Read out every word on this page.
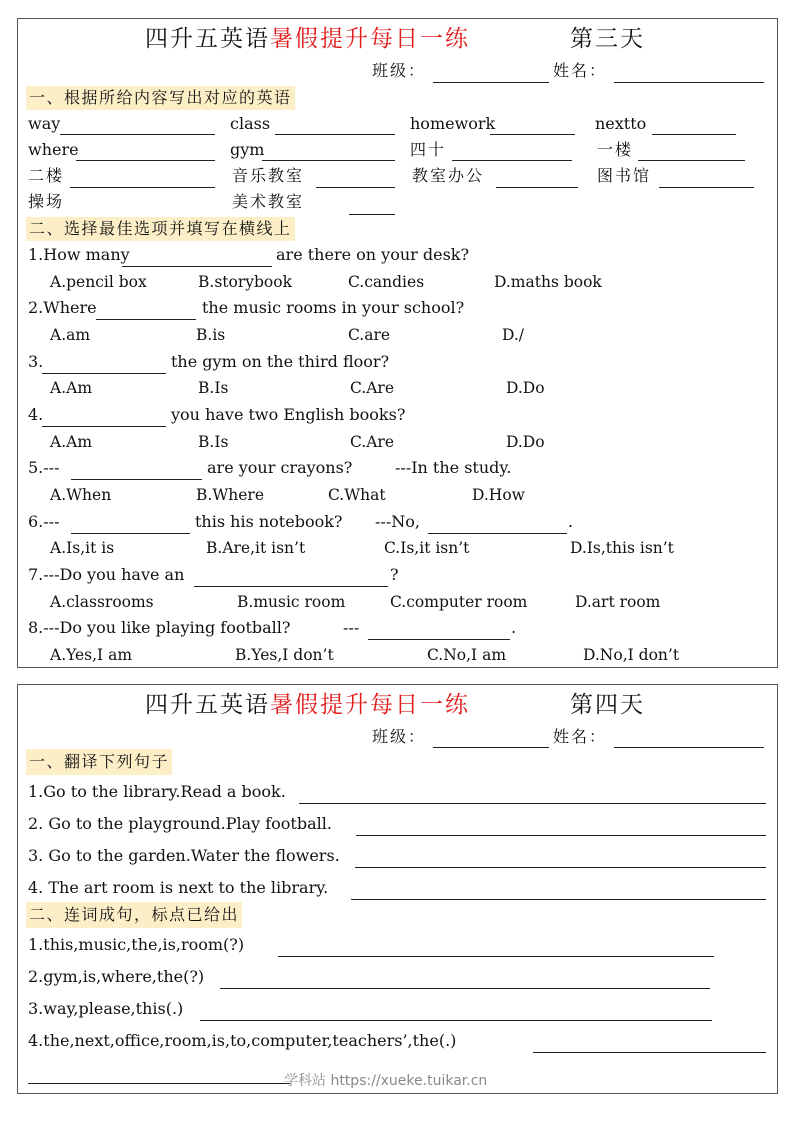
四升五英语暑假提升每日一练	第三天
班级：	姓名：
一、根据所给内容写出对应的英语
way	class	homework	nextto
where	gym	四十	一楼
二楼	音乐教室	教室办公	图书馆
操场	美术教室
二、选择最佳选项并填写在横线上
1.How many	are there on your desk?
A.pencil box	B.storybook	C.candies	D.maths book
2.Where	the music rooms in your school?
A.am	B.is	C.are	D./
3.	the gym on the third floor?
A.Am	B.Is	C.Are	D.Do
4.	you have two English books?
A.Am	B.Is	C.Are	D.Do
5.---	are your crayons?	---In the study.
A.When	B.Where	C.What	D.How
6.---	this his notebook? ---No,	.
A.Is,it is	B.Are,it isn’t	C.Is,it isn’t	D.Is,this isn’t
7.---Do you have an	?
A.classrooms	B.music room	C.computer room	D.art room
8.---Do you like playing football?	---	.
A.Yes,I am	B.Yes,I don’t	C.No,I am	D.No,I don’t
四升五英语暑假提升每日一练	第四天
班级：	姓名：
一、翻译下列句子
1.Go to the library.Read a book.
2. Go to the playground.Play football.
3. Go to the garden.Water the flowers.
4. The art room is next to the library.
二、连词成句，标点已给出
1.this,music,the,is,room(?)
2.gym,is,where,the(?)
3.way,please,this(.)
4.the,next,office,room,is,to,computer,teachers’,the(.)
学科站 https://xueke.tuikar.cn
